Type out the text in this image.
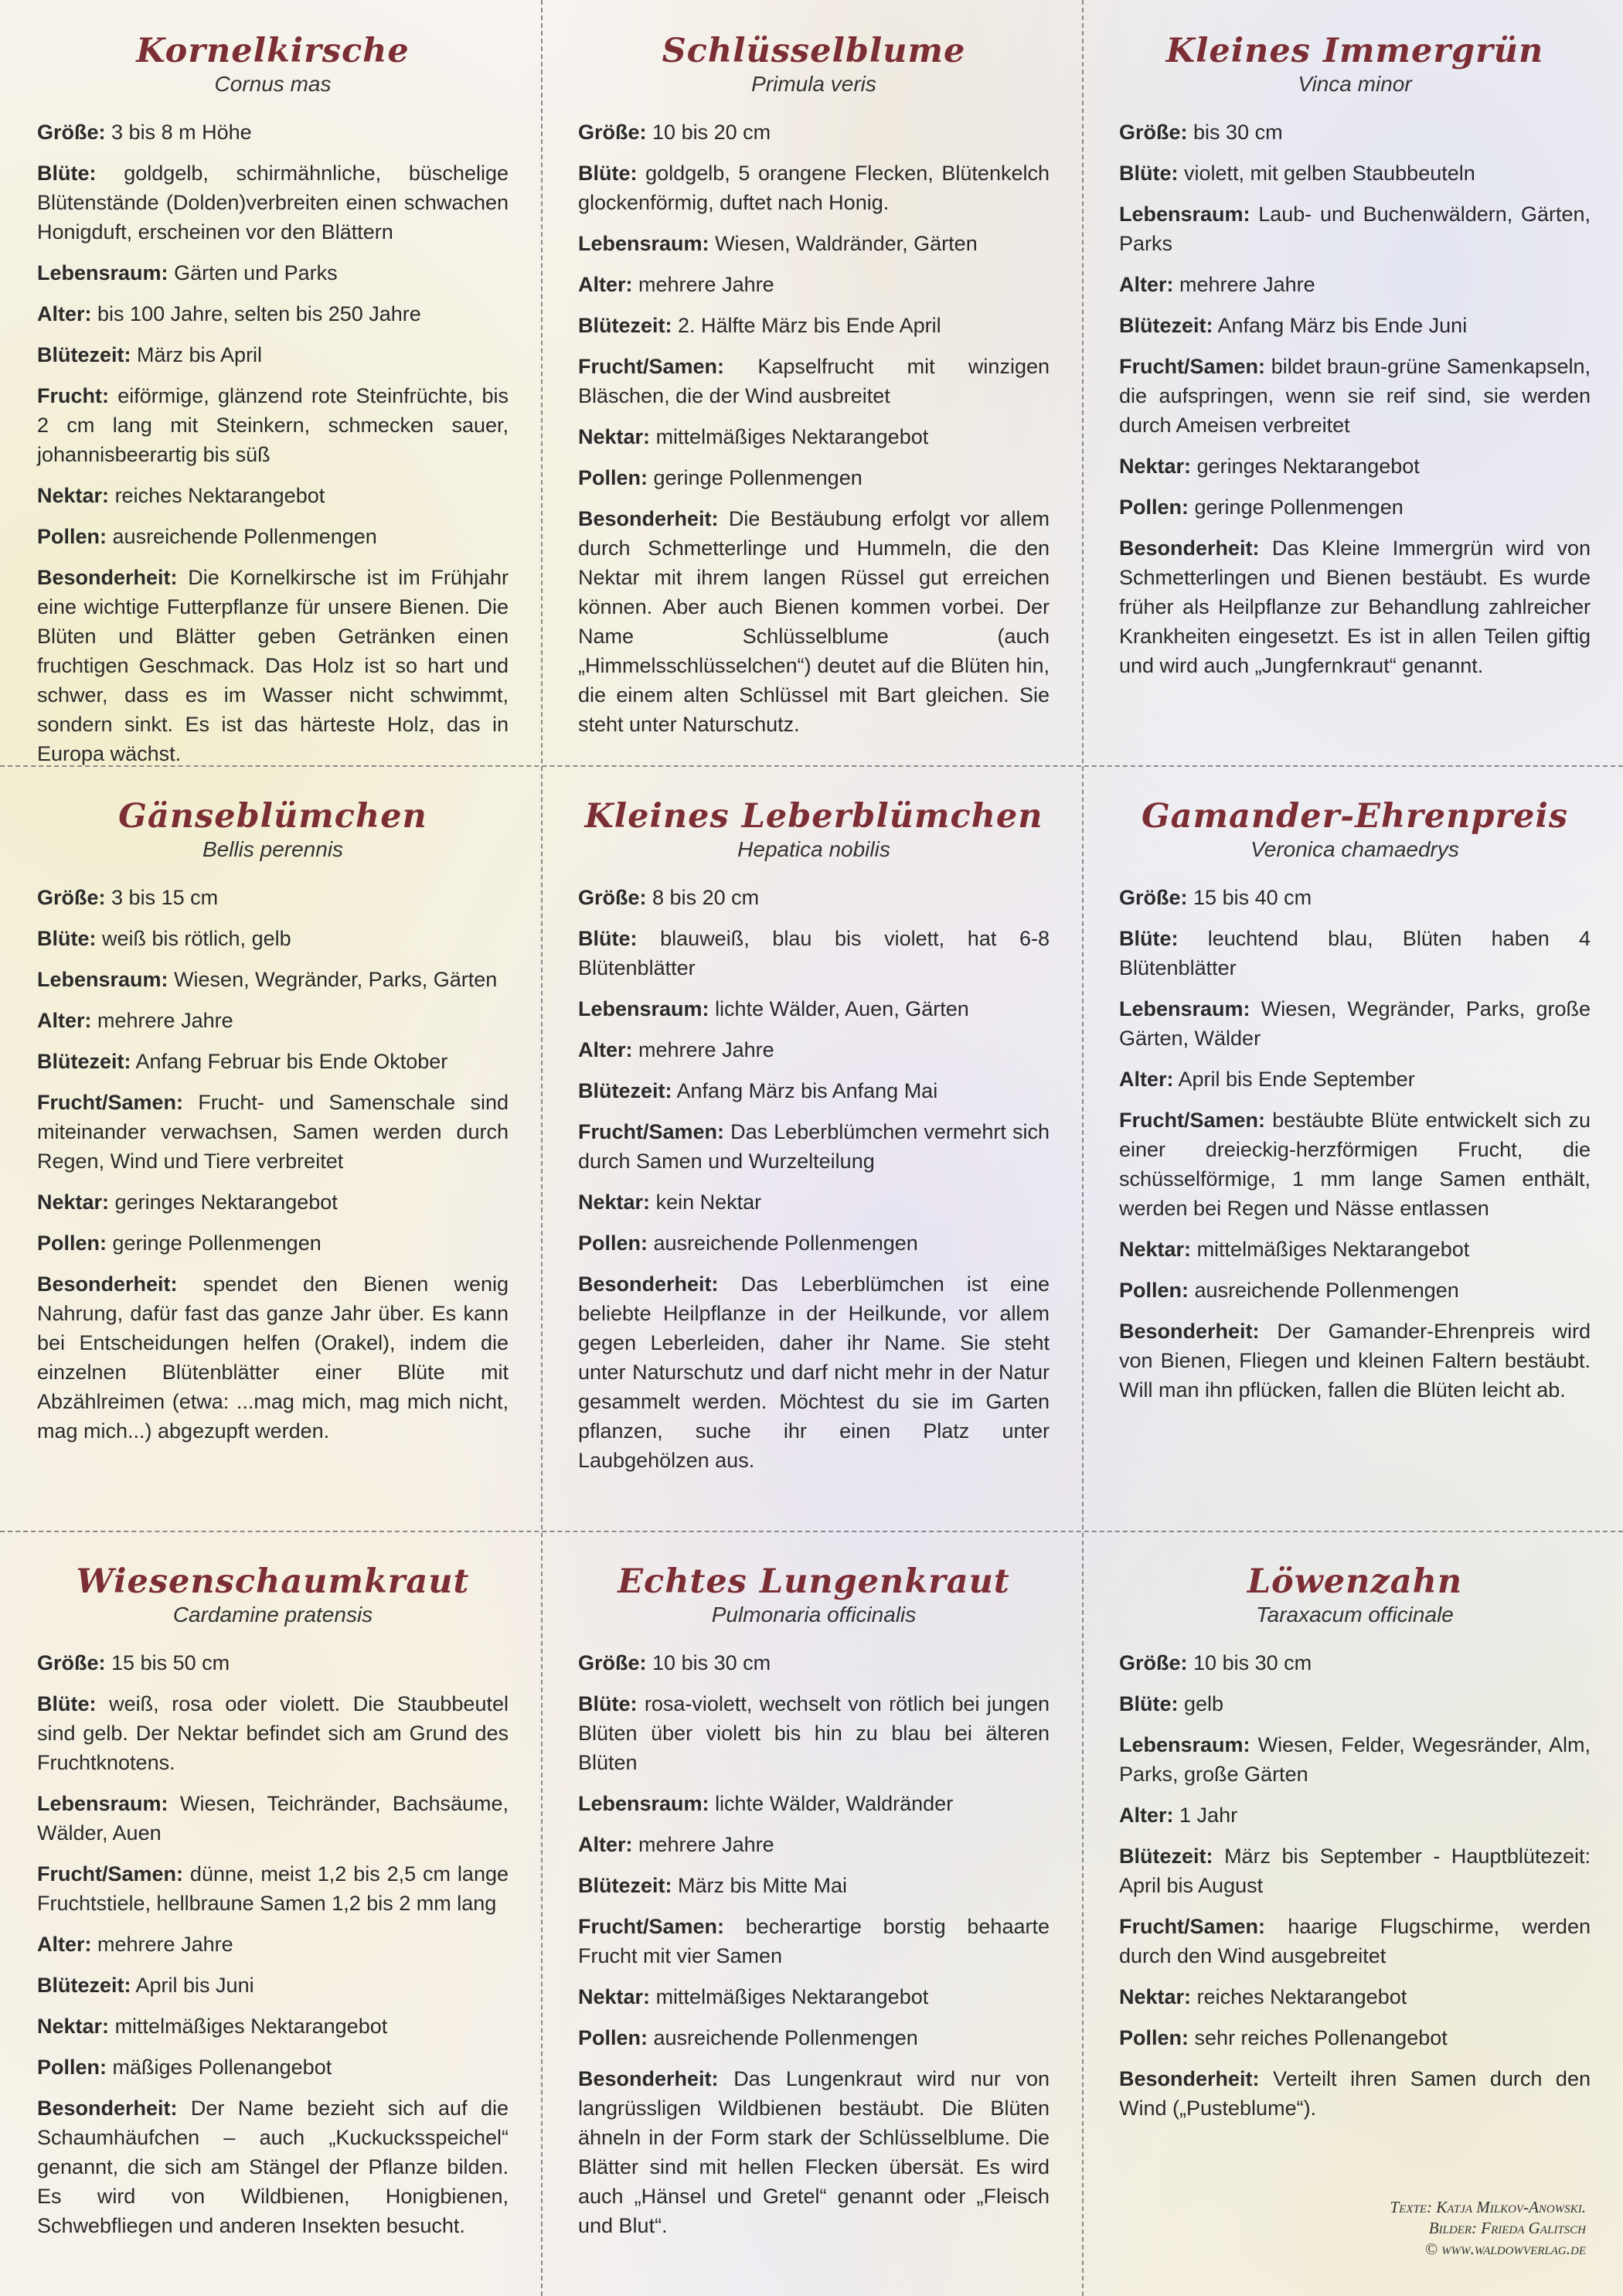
Kornelkirsche

Cornus mas

Größe: 3 bis 8 m Höhe

Blüte: goldgelb, schirmähnliche, büschelige Blütenstände (Dolden)verbreiten einen schwachen Honigduft, erscheinen vor den Blättern

Lebensraum: Gärten und Parks

Alter: bis 100 Jahre, selten bis 250 Jahre

Blütezeit: März bis April

Frucht: eiförmige, glänzend rote Steinfrüchte, bis 2 cm lang mit Steinkern, schmecken sauer, johannisbeerartig bis süß

Nektar: reiches Nektarangebot

Pollen: ausreichende Pollenmengen

Besonderheit: Die Kornelkirsche ist im Frühjahr eine wichtige Futterpflanze für unsere Bienen. Die Blüten und Blätter geben Getränken einen fruchtigen Geschmack. Das Holz ist so hart und schwer, dass es im Wasser nicht schwimmt, sondern sinkt. Es ist das härteste Holz, das in Europa wächst.

Schlüsselblume

Primula veris

Größe: 10 bis 20 cm

Blüte: goldgelb, 5 orangene Flecken, Blütenkelch glockenförmig, duftet nach Honig.

Lebensraum: Wiesen, Waldränder, Gärten

Alter: mehrere Jahre

Blütezeit: 2. Hälfte März bis Ende April

Frucht/Samen: Kapselfrucht mit winzigen Bläschen, die der Wind ausbreitet

Nektar: mittelmäßiges Nektarangebot

Pollen: geringe Pollenmengen

Besonderheit: Die Bestäubung erfolgt vor allem durch Schmetterlinge und Hummeln, die den Nektar mit ihrem langen Rüssel gut erreichen können. Aber auch Bienen kommen vorbei. Der Name Schlüsselblume (auch „Himmelsschlüsselchen“) deutet auf die Blüten hin, die einem alten Schlüssel mit Bart gleichen. Sie steht unter Naturschutz.

Kleines Immergrün

Vinca minor

Größe: bis 30 cm

Blüte: violett, mit gelben Staubbeuteln

Lebensraum: Laub- und Buchenwäldern, Gärten, Parks

Alter: mehrere Jahre

Blütezeit: Anfang März bis Ende Juni

Frucht/Samen: bildet braun-grüne Samenkapseln, die aufspringen, wenn sie reif sind, sie werden durch Ameisen verbreitet

Nektar: geringes Nektarangebot

Pollen: geringe Pollenmengen

Besonderheit: Das Kleine Immergrün wird von Schmetterlingen und Bienen bestäubt. Es wurde früher als Heilpflanze zur Behandlung zahlreicher Krankheiten eingesetzt. Es ist in allen Teilen giftig und wird auch „Jungfernkraut“ genannt.

Gänseblümchen

Bellis perennis

Größe: 3 bis 15 cm

Blüte: weiß bis rötlich, gelb

Lebensraum: Wiesen, Wegränder, Parks, Gärten

Alter: mehrere Jahre

Blütezeit: Anfang Februar bis Ende Oktober

Frucht/Samen: Frucht- und Samenschale sind miteinander verwachsen, Samen werden durch Regen, Wind und Tiere verbreitet

Nektar: geringes Nektarangebot

Pollen: geringe Pollenmengen

Besonderheit: spendet den Bienen wenig Nahrung, dafür fast das ganze Jahr über. Es kann bei Entscheidungen helfen (Orakel), indem die einzelnen Blütenblätter einer Blüte mit Abzählreimen (etwa: ...mag mich, mag mich nicht, mag mich...) abgezupft werden.

Kleines Leberblümchen

Hepatica nobilis

Größe: 8 bis 20 cm

Blüte: blauweiß, blau bis violett, hat 6-8 Blütenblätter

Lebensraum: lichte Wälder, Auen, Gärten

Alter: mehrere Jahre

Blütezeit: Anfang März bis Anfang Mai

Frucht/Samen: Das Leberblümchen vermehrt sich durch Samen und Wurzelteilung

Nektar: kein Nektar

Pollen: ausreichende Pollenmengen

Besonderheit: Das Leberblümchen ist eine beliebte Heilpflanze in der Heilkunde, vor allem gegen Leberleiden, daher ihr Name. Sie steht unter Naturschutz und darf nicht mehr in der Natur gesammelt werden. Möchtest du sie im Garten pflanzen, suche ihr einen Platz unter Laubgehölzen aus.

Gamander-Ehrenpreis

Veronica chamaedrys

Größe: 15 bis 40 cm

Blüte: leuchtend blau, Blüten haben 4 Blütenblätter

Lebensraum: Wiesen, Wegränder, Parks, große Gärten, Wälder

Alter: April bis Ende September

Frucht/Samen: bestäubte Blüte entwickelt sich zu einer dreieckig-herzförmigen Frucht, die schüsselförmige, 1 mm lange Samen enthält, werden bei Regen und Nässe entlassen

Nektar: mittelmäßiges Nektarangebot

Pollen: ausreichende Pollenmengen

Besonderheit: Der Gamander-Ehrenpreis wird von Bienen, Fliegen und kleinen Faltern bestäubt. Will man ihn pflücken, fallen die Blüten leicht ab.

Wiesenschaumkraut

Cardamine pratensis

Größe: 15 bis 50 cm

Blüte: weiß, rosa oder violett. Die Staubbeutel sind gelb. Der Nektar befindet sich am Grund des Fruchtknotens.

Lebensraum: Wiesen, Teichränder, Bachsäume, Wälder, Auen

Frucht/Samen: dünne, meist 1,2 bis 2,5 cm lange Fruchtstiele, hellbraune Samen 1,2 bis 2 mm lang

Alter: mehrere Jahre

Blütezeit: April bis Juni

Nektar: mittelmäßiges Nektarangebot

Pollen: mäßiges Pollenangebot

Besonderheit: Der Name bezieht sich auf die Schaumhäufchen – auch „Kuckucksspeichel“ genannt, die sich am Stängel der Pflanze bilden. Es wird von Wildbienen, Honigbienen, Schwebfliegen und anderen Insekten besucht.

Echtes Lungenkraut

Pulmonaria officinalis

Größe: 10 bis 30 cm

Blüte: rosa-violett, wechselt von rötlich bei jungen Blüten über violett bis hin zu blau bei älteren Blüten

Lebensraum: lichte Wälder, Waldränder

Alter: mehrere Jahre

Blütezeit: März bis Mitte Mai

Frucht/Samen: becherartige borstig behaarte Frucht mit vier Samen

Nektar: mittelmäßiges Nektarangebot

Pollen: ausreichende Pollenmengen

Besonderheit: Das Lungenkraut wird nur von langrüssligen Wildbienen bestäubt. Die Blüten ähneln in der Form stark der Schlüsselblume. Die Blätter sind mit hellen Flecken übersät. Es wird auch „Hänsel und Gretel“ genannt oder „Fleisch und Blut“.

Löwenzahn

Taraxacum officinale

Größe: 10 bis 30 cm

Blüte: gelb

Lebensraum: Wiesen, Felder, Wegesränder, Alm, Parks, große Gärten

Alter: 1 Jahr

Blütezeit: März bis September - Hauptblütezeit: April bis August

Frucht/Samen: haarige Flugschirme, werden durch den Wind ausgebreitet

Nektar: reiches Nektarangebot

Pollen: sehr reiches Pollenangebot

Besonderheit: Verteilt ihren Samen durch den Wind („Pusteblume“).

Texte: Katja Milkov-Anowski.
Bilder: Frieda Galitsch
© www.waldowverlag.de
